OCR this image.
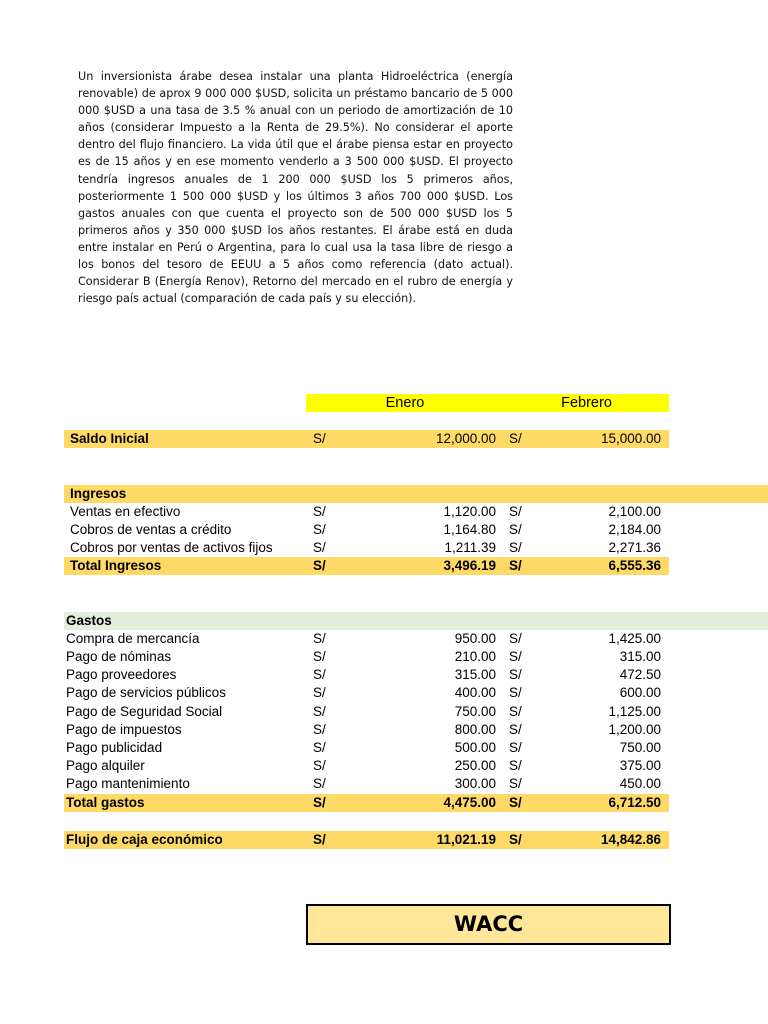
Un inversionista árabe desea instalar una planta Hidroeléctrica (energía renovable) de aprox 9 000 000 $USD, solicita un préstamo bancario de 5 000 000 $USD a una tasa de 3.5 % anual con un periodo de amortización de 10 años (considerar Impuesto a la Renta de 29.5%). No considerar el aporte dentro del flujo financiero. La vida útil que el árabe piensa estar en proyecto es de 15 años y en ese momento venderlo a 3 500 000 $USD. El proyecto tendría ingresos anuales de 1 200 000 $USD los 5 primeros años, posteriormente 1 500 000 $USD y los últimos 3 años 700 000 $USD. Los gastos anuales con que cuenta el proyecto son de 500 000 $USD los 5 primeros años y 350 000 $USD los años restantes. El árabe está en duda entre instalar en Perú o Argentina, para lo cual usa la tasa libre de riesgo a los bonos del tesoro de EEUU a 5 años como referencia (dato actual). Considerar B (Energía Renov), Retorno del mercado en el rubro de energía y riesgo país actual (comparación de cada país y su elección).
· · · · · · ·
Enero	Febrero
Saldo Inicial	S/	12,000.00 S/	15,000.00
Ingresos
Ventas en efectivo	S/	1,120.00 S/	2,100.00
Cobros de ventas a crédito	S/	1,164.80 S/	2,184.00
Cobros por ventas de activos fijos	S/	1,211.39 S/	2,271.36
Total Ingresos	S/	3,496.19 S/	6,555.36
Gastos
Compra de mercancía	S/	950.00 S/	1,425.00
Pago de nóminas	S/	210.00 S/	315.00
Pago proveedores	S/	315.00 S/	472.50
Pago de servicios públicos	S/	400.00 S/	600.00
Pago de Seguridad Social	S/	750.00 S/	1,125.00
Pago de impuestos	S/	800.00 S/	1,200.00
Pago publicidad	S/	500.00 S/	750.00
Pago alquiler	S/	250.00 S/	375.00
Pago mantenimiento	S/	300.00 S/	450.00
Total gastos	S/	4,475.00 S/	6,712.50
Flujo de caja económico	S/	11,021.19 S/	14,842.86
WACC
